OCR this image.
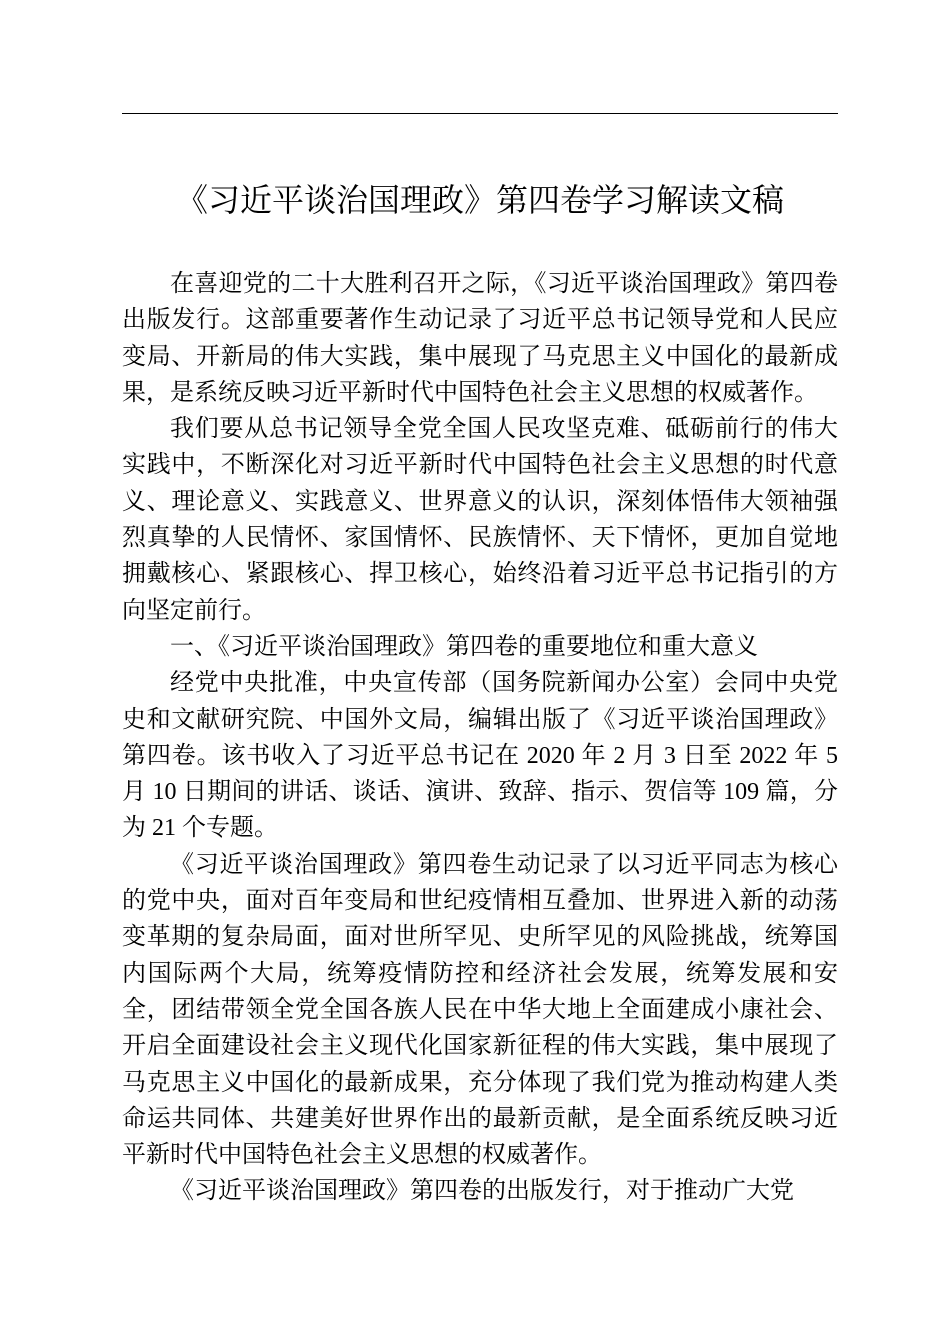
《习近平谈治国理政》第四卷学习解读文稿

在喜迎党的二十大胜利召开之际，《习近平谈治国理政》第四卷出版发行。这部重要著作生动记录了习近平总书记领导党和人民应变局、开新局的伟大实践，集中展现了马克思主义中国化的最新成果，是系统反映习近平新时代中国特色社会主义思想的权威著作。

我们要从总书记领导全党全国人民攻坚克难、砥砺前行的伟大实践中，不断深化对习近平新时代中国特色社会主义思想的时代意义、理论意义、实践意义、世界意义的认识，深刻体悟伟大领袖强烈真挚的人民情怀、家国情怀、民族情怀、天下情怀，更加自觉地拥戴核心、紧跟核心、捍卫核心，始终沿着习近平总书记指引的方向坚定前行。

一、《习近平谈治国理政》第四卷的重要地位和重大意义

经党中央批准，中央宣传部（国务院新闻办公室）会同中央党史和文献研究院、中国外文局，编辑出版了《习近平谈治国理政》第四卷。该书收入了习近平总书记在 2020 年 2 月 3 日至 2022 年 5 月 10 日期间的讲话、谈话、演讲、致辞、指示、贺信等 109 篇，分为 21 个专题。

《习近平谈治国理政》第四卷生动记录了以习近平同志为核心的党中央，面对百年变局和世纪疫情相互叠加、世界进入新的动荡变革期的复杂局面，面对世所罕见、史所罕见的风险挑战，统筹国内国际两个大局，统筹疫情防控和经济社会发展，统筹发展和安全，团结带领全党全国各族人民在中华大地上全面建成小康社会、开启全面建设社会主义现代化国家新征程的伟大实践，集中展现了马克思主义中国化的最新成果，充分体现了我们党为推动构建人类命运共同体、共建美好世界作出的最新贡献，是全面系统反映习近平新时代中国特色社会主义思想的权威著作。

《习近平谈治国理政》第四卷的出版发行，对于推动广大党
